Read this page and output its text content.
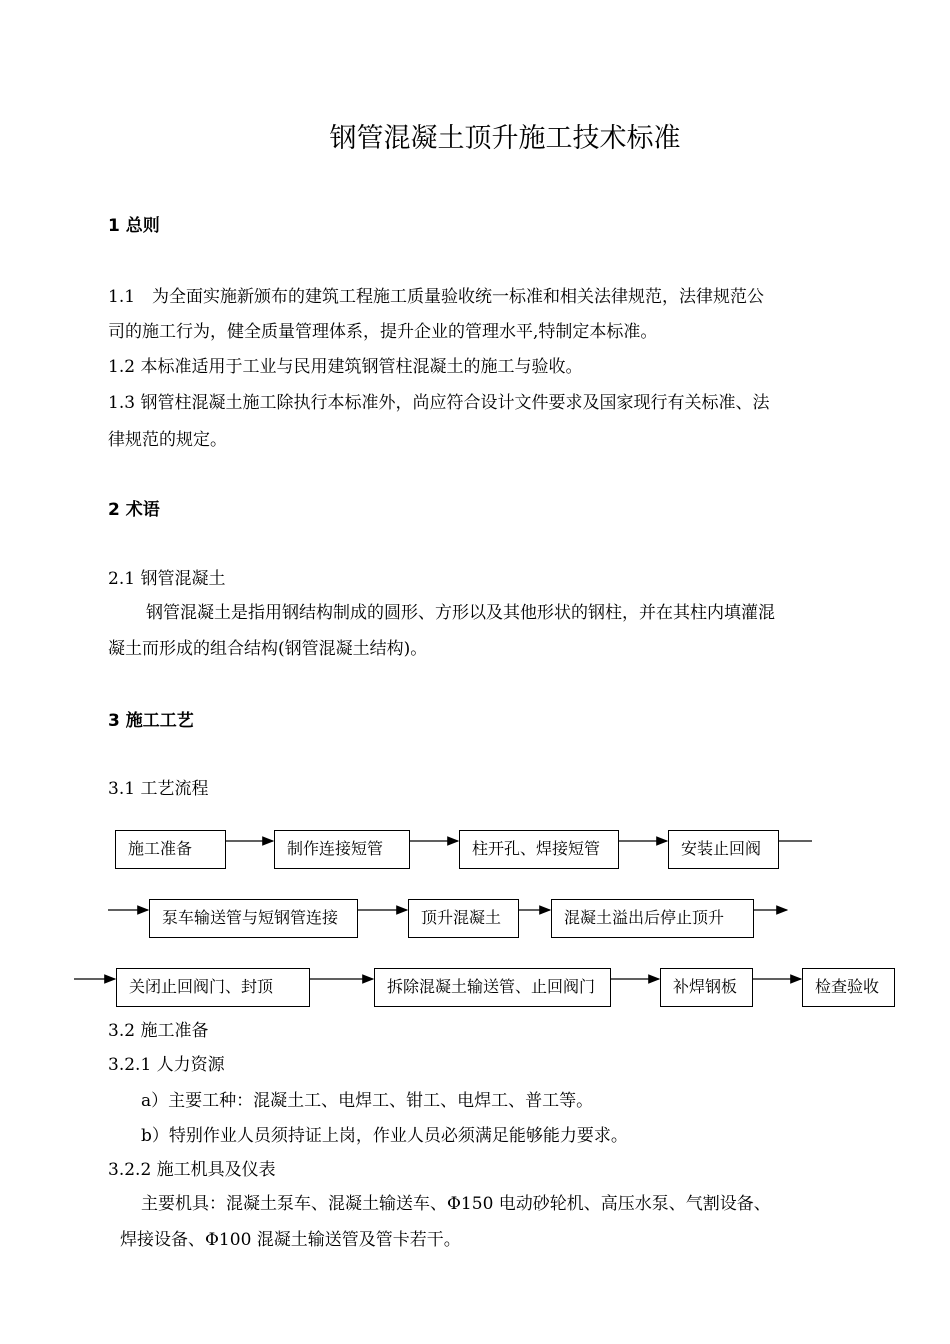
钢管混凝土顶升施工技术标准
1 总则
1.1　为全面实施新颁布的建筑工程施工质量验收统一标准和相关法律规范，法律规范公
司的施工行为，健全质量管理体系，提升企业的管理水平,特制定本标准。
1.2 本标准适用于工业与民用建筑钢管柱混凝土的施工与验收。
1.3 钢管柱混凝土施工除执行本标准外，尚应符合设计文件要求及国家现行有关标准、法
律规范的规定。
2 术语
2.1 钢管混凝土
钢管混凝土是指用钢结构制成的圆形、方形以及其他形状的钢柱，并在其柱内填灌混
凝土而形成的组合结构(钢管混凝土结构)。
3 施工工艺
3.1 工艺流程
施工准备	制作连接短管	柱开孔、焊接短管	安装止回阀
泵车输送管与短钢管连接	顶升混凝土	混凝土溢出后停止顶升
关闭止回阀门、封顶	拆除混凝土输送管、止回阀门	补焊钢板	检查验收
3.2 施工准备
3.2.1 人力资源
a）主要工种：混凝土工、电焊工、钳工、电焊工、普工等。
b）特别作业人员须持证上岗，作业人员必须满足能够能力要求。
3.2.2 施工机具及仪表
主要机具：混凝土泵车、混凝土输送车、Φ150 电动砂轮机、高压水泵、气割设备、
焊接设备、Φ100 混凝土输送管及管卡若干。
